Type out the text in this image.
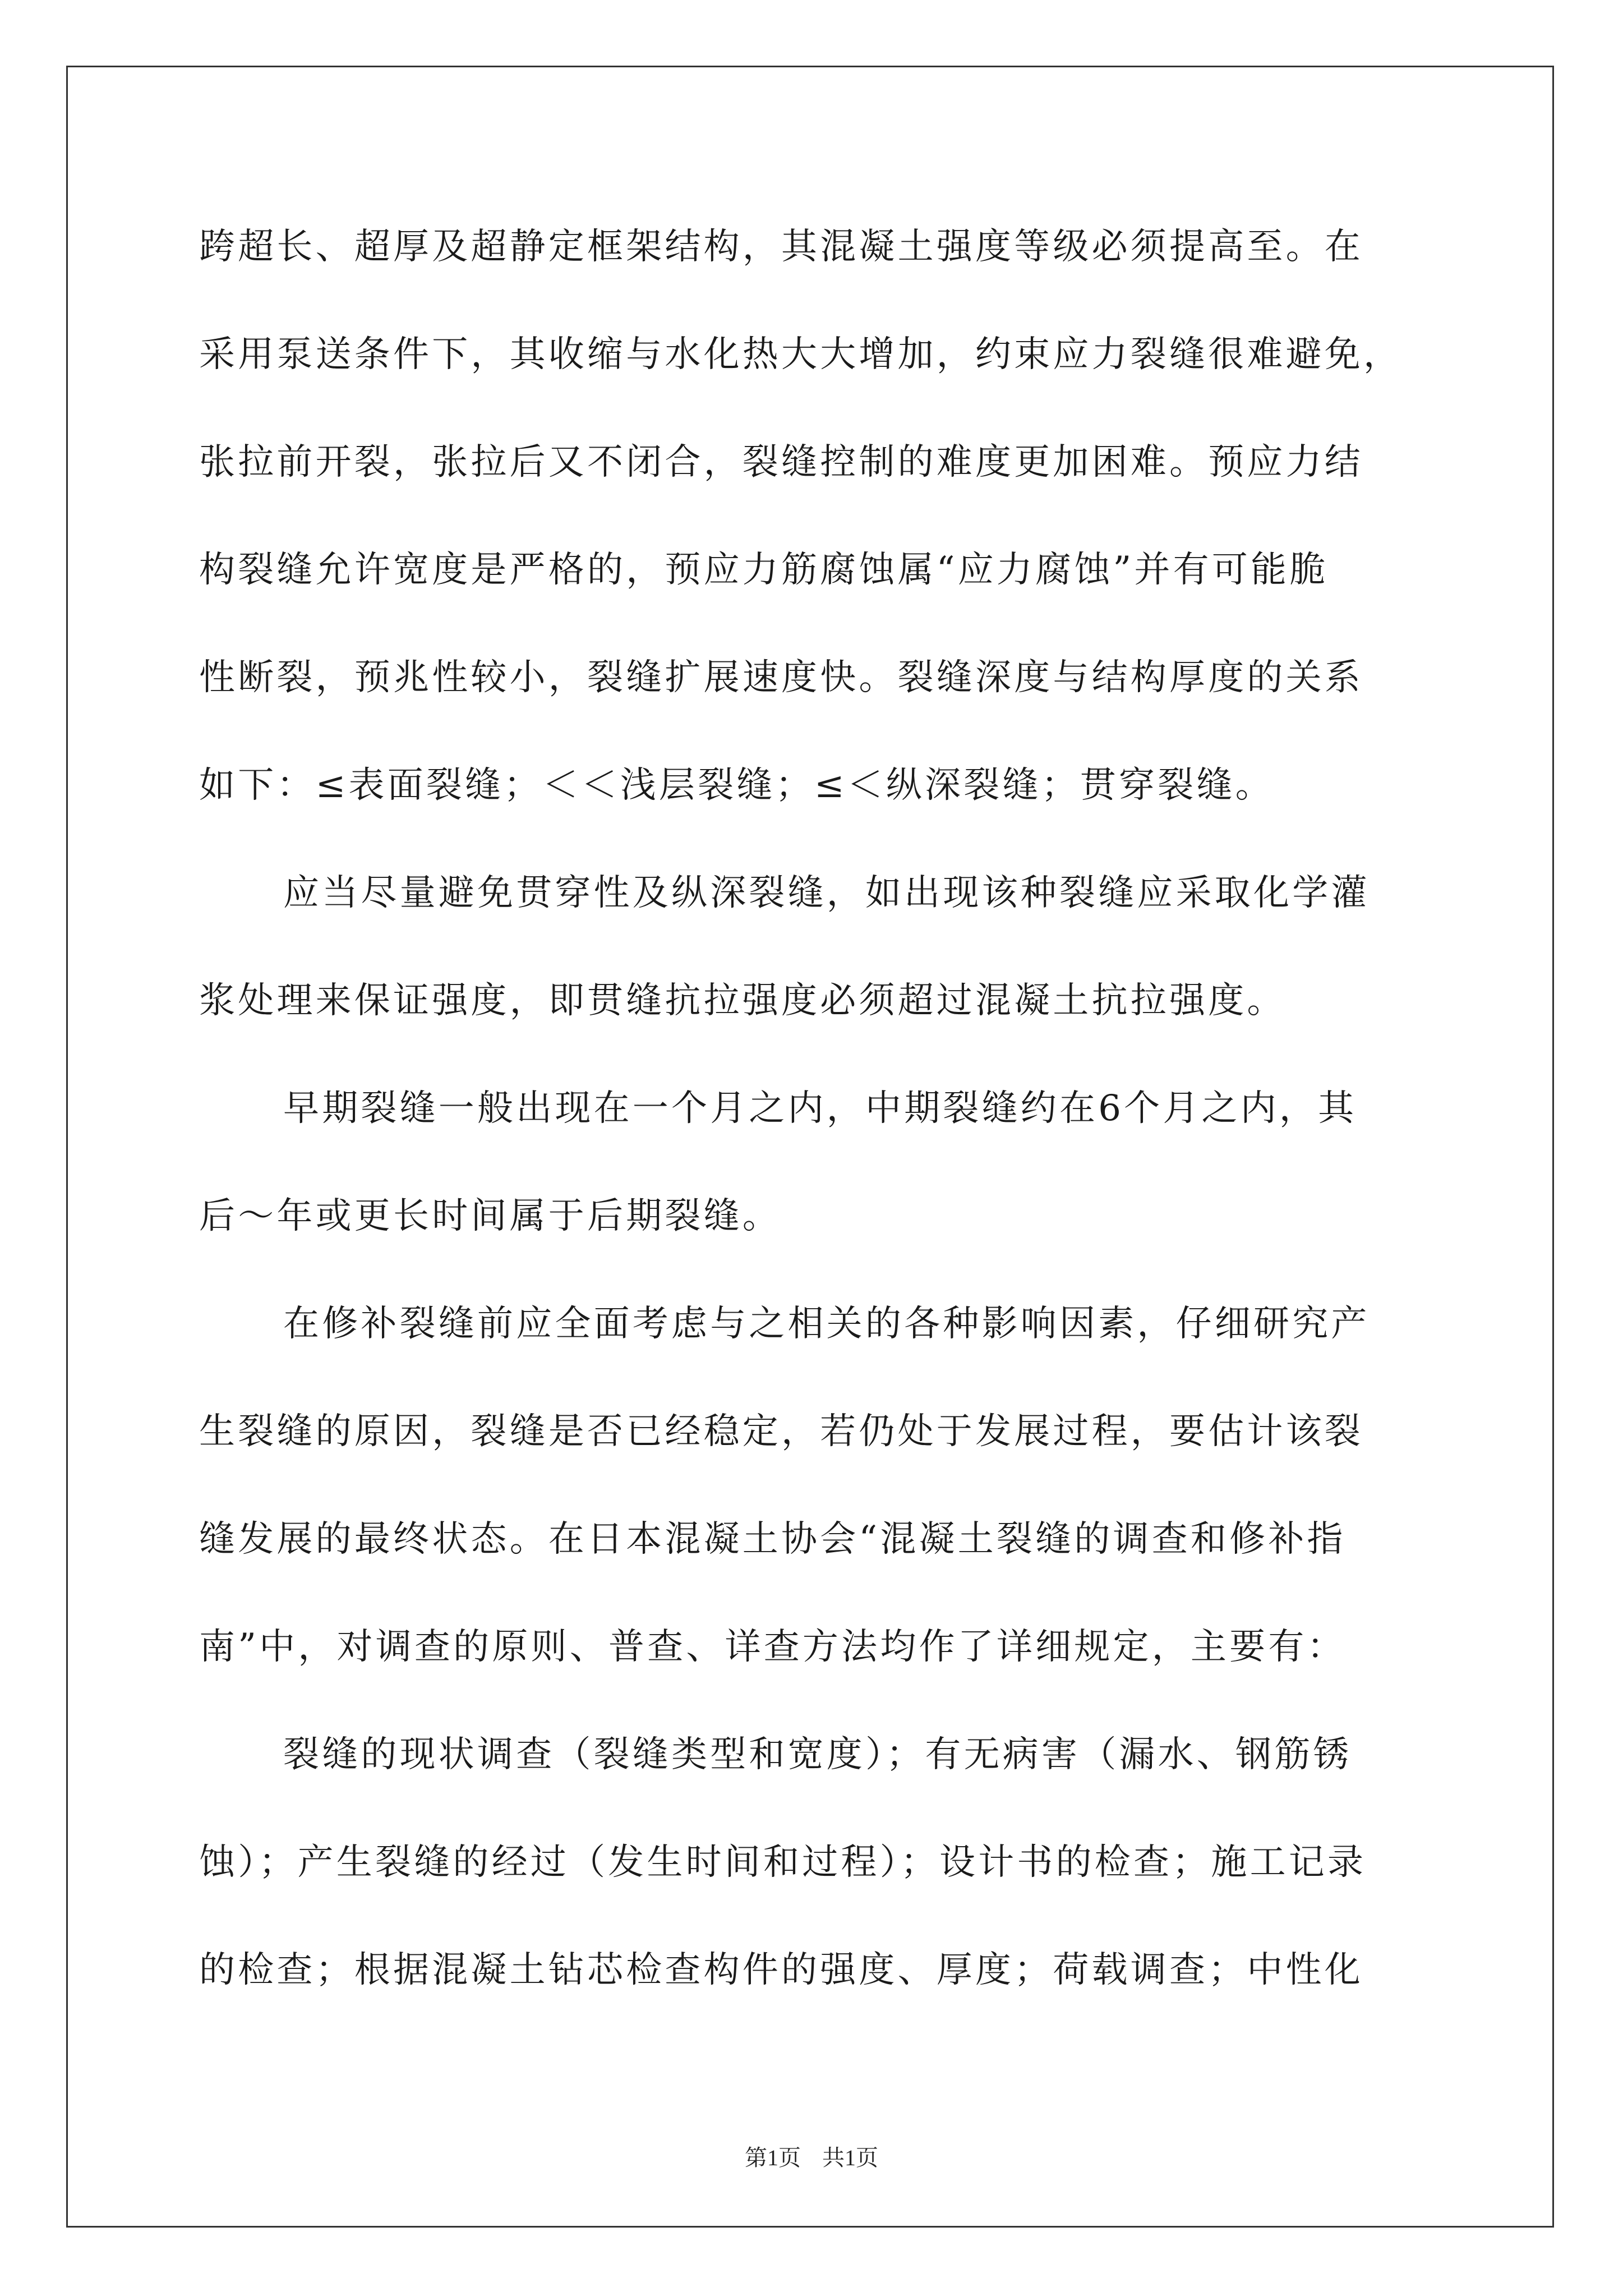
跨超长、超厚及超静定框架结构，其混凝土强度等级必须提高至。在
采用泵送条件下，其收缩与水化热大大增加，约束应力裂缝很难避免，
张拉前开裂，张拉后又不闭合，裂缝控制的难度更加困难。预应力结
构裂缝允许宽度是严格的，预应力筋腐蚀属“应力腐蚀”并有可能脆
性断裂，预兆性较小，裂缝扩展速度快。裂缝深度与结构厚度的关系
如下：≤表面裂缝；＜＜浅层裂缝；≤＜纵深裂缝；贯穿裂缝。
应当尽量避免贯穿性及纵深裂缝，如出现该种裂缝应采取化学灌
浆处理来保证强度，即贯缝抗拉强度必须超过混凝土抗拉强度。
早期裂缝一般出现在一个月之内，中期裂缝约在6个月之内，其
后～年或更长时间属于后期裂缝。
在修补裂缝前应全面考虑与之相关的各种影响因素，仔细研究产
生裂缝的原因，裂缝是否已经稳定，若仍处于发展过程，要估计该裂
缝发展的最终状态。在日本混凝土协会“混凝土裂缝的调查和修补指
南”中，对调查的原则、普查、详查方法均作了详细规定，主要有：
裂缝的现状调查（裂缝类型和宽度）；有无病害（漏水、钢筋锈
蚀）；产生裂缝的经过（发生时间和过程）；设计书的检查；施工记录
的检查；根据混凝土钻芯检查构件的强度、厚度；荷载调查；中性化
第1页 共1页
